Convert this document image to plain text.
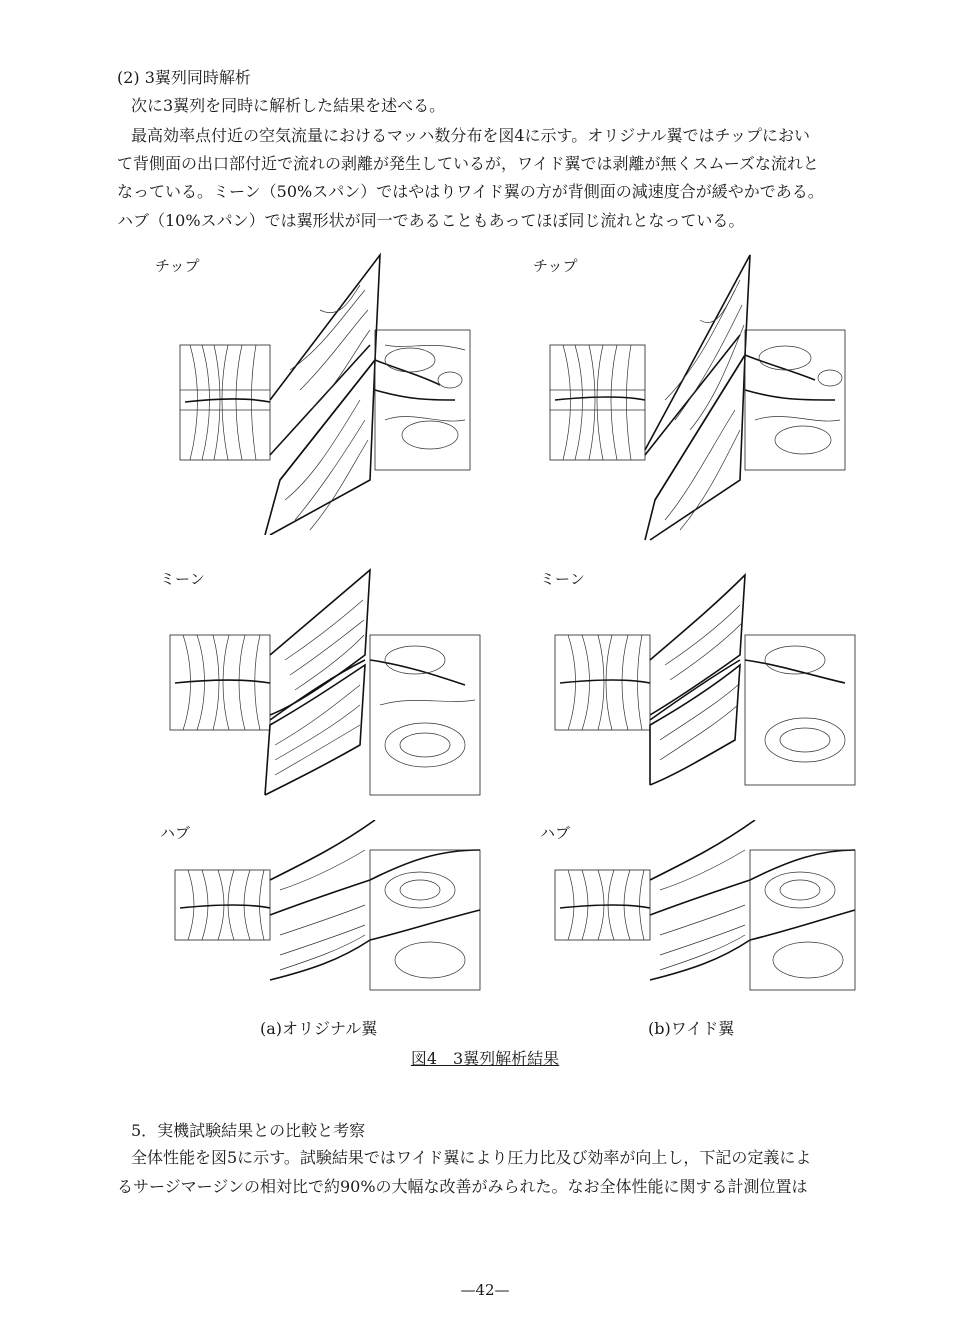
(2) 3翼列同時解析
次に3翼列を同時に解析した結果を述べる。
最高効率点付近の空気流量におけるマッハ数分布を図4に示す。オリジナル翼ではチップにおい
て背側面の出口部付近で流れの剥離が発生しているが，ワイド翼では剥離が無くスムーズな流れと
なっている。ミーン（50%スパン）ではやはりワイド翼の方が背側面の減速度合が緩やかである。
ハブ（10%スパン）では翼形状が同一であることもあってほぼ同じ流れとなっている。
チップ	チップ
ミーン	ミーン
ハブ	ハブ
(a)オリジナル翼	(b)ワイド翼
図4　3翼列解析結果
5．実機試験結果との比較と考察
全体性能を図5に示す。試験結果ではワイド翼により圧力比及び効率が向上し，下記の定義によ
るサージマージンの相対比で約90%の大幅な改善がみられた。なお全体性能に関する計測位置は
—42—
